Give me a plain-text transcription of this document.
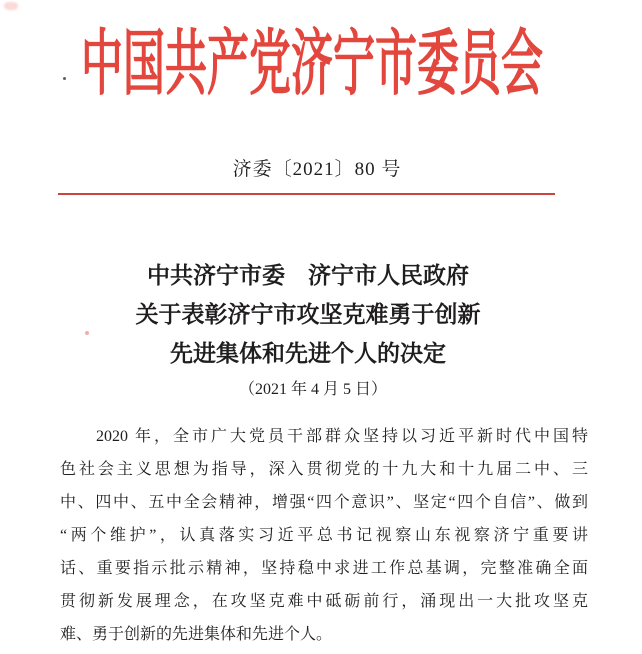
中国共产党济宁市委员会
济委〔2021〕80 号
中共济宁市委　济宁市人民政府
关于表彰济宁市攻坚克难勇于创新
先进集体和先进个人的决定
（2021 年 4 月 5 日）
2020 年，全市广大党员干部群众坚持以习近平新时代中国特
色社会主义思想为指导，深入贯彻党的十九大和十九届二中、三
中、四中、五中全会精神，增强“四个意识”、坚定“四个自信”、做到
“两个维护”，认真落实习近平总书记视察山东视察济宁重要讲
话、重要指示批示精神，坚持稳中求进工作总基调，完整准确全面
贯彻新发展理念，在攻坚克难中砥砺前行，涌现出一大批攻坚克
难、勇于创新的先进集体和先进个人。
